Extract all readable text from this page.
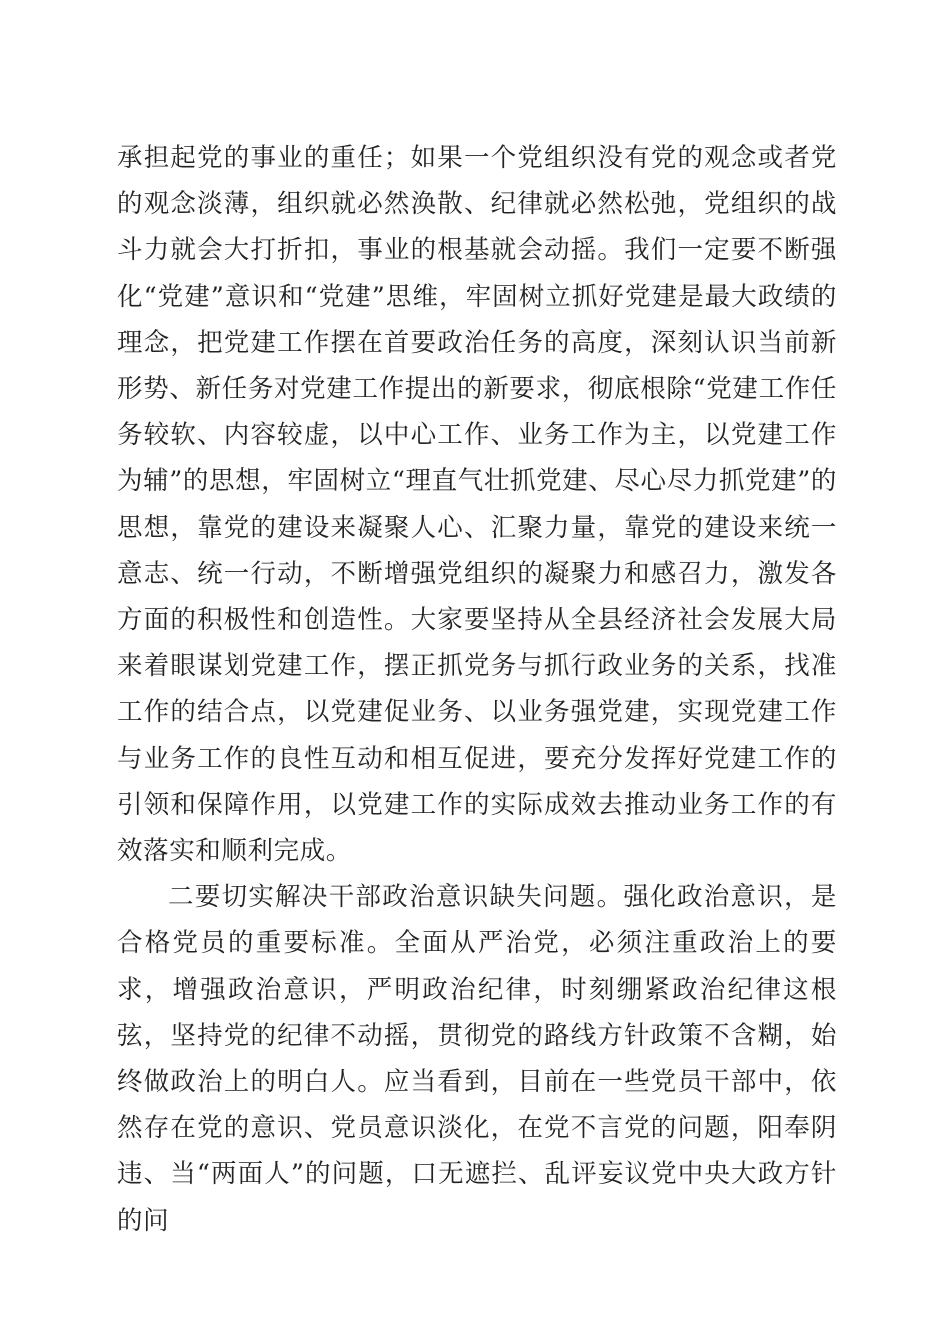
承担起党的事业的重任；如果一个党组织没有党的观念或者党的观念淡薄，组织就必然涣散、纪律就必然松弛，党组织的战斗力就会大打折扣，事业的根基就会动摇。我们一定要不断强化“党建”意识和“党建”思维，牢固树立抓好党建是最大政绩的理念，把党建工作摆在首要政治任务的高度，深刻认识当前新形势、新任务对党建工作提出的新要求，彻底根除“党建工作任务较软、内容较虚，以中心工作、业务工作为主，以党建工作为辅”的思想，牢固树立“理直气壮抓党建、尽心尽力抓党建”的思想，靠党的建设来凝聚人心、汇聚力量，靠党的建设来统一意志、统一行动，不断增强党组织的凝聚力和感召力，激发各方面的积极性和创造性。大家要坚持从全县经济社会发展大局来着眼谋划党建工作，摆正抓党务与抓行政业务的关系，找准工作的结合点，以党建促业务、以业务强党建，实现党建工作与业务工作的良性互动和相互促进，要充分发挥好党建工作的引领和保障作用，以党建工作的实际成效去推动业务工作的有效落实和顺利完成。

二要切实解决干部政治意识缺失问题。强化政治意识，是合格党员的重要标准。全面从严治党，必须注重政治上的要求，增强政治意识，严明政治纪律，时刻绷紧政治纪律这根弦，坚持党的纪律不动摇，贯彻党的路线方针政策不含糊，始终做政治上的明白人。应当看到，目前在一些党员干部中，依然存在党的意识、党员意识淡化，在党不言党的问题，阳奉阴违、当“两面人”的问题，口无遮拦、乱评妄议党中央大政方针的问
